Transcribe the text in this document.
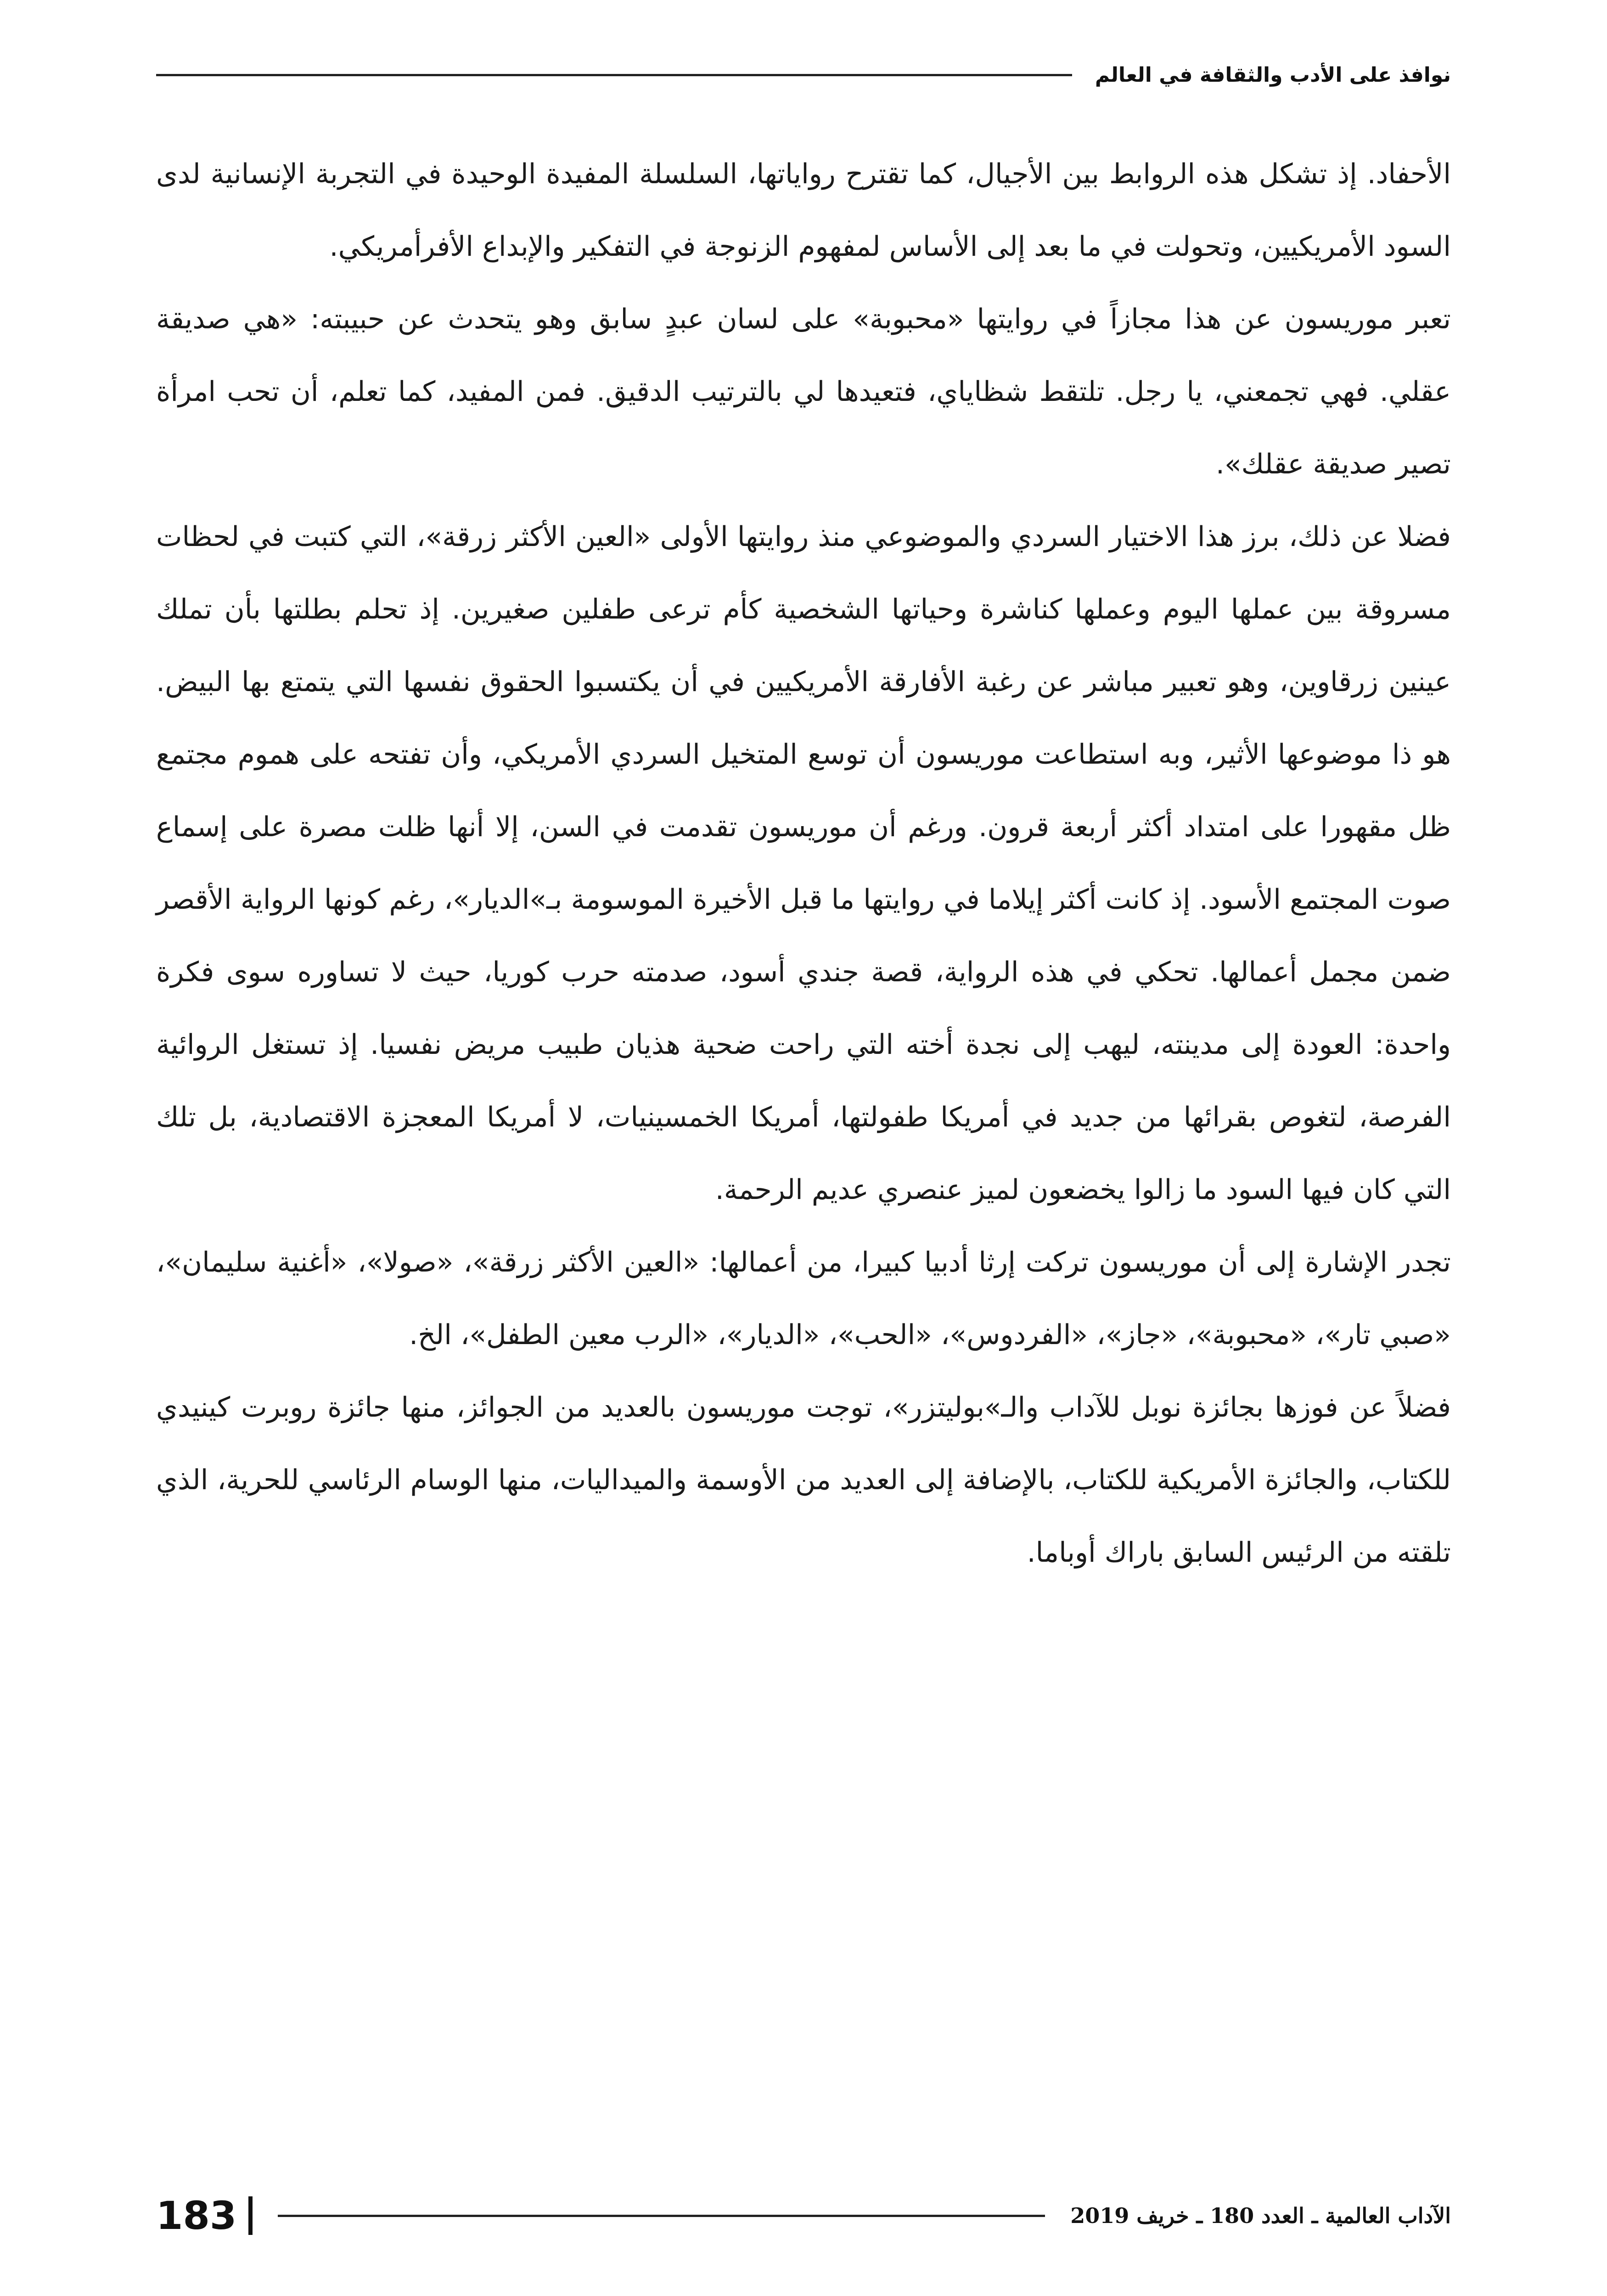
نوافذ على الأدب والثقافة في العالم

الأحفاد. إذ تشكل هذه الروابط بين الأجيال، كما تقترح رواياتها، السلسلة المفيدة الوحيدة في التجربة الإنسانية لدى السود الأمريكيين، وتحولت في ما بعد إلى الأساس لمفهوم الزنوجة في التفكير والإبداع الأفرأمريكي.

تعبر موريسون عن هذا مجازاً في روايتها «محبوبة» على لسان عبدٍ سابق وهو يتحدث عن حبيبته: «هي صديقة عقلي. فهي تجمعني، يا رجل. تلتقط شظاياي، فتعيدها لي بالترتيب الدقيق. فمن المفيد، كما تعلم، أن تحب امرأة تصير صديقة عقلك».

فضلا عن ذلك، برز هذا الاختيار السردي والموضوعي منذ روايتها الأولى «العين الأكثر زرقة»، التي كتبت في لحظات مسروقة بين عملها اليوم وعملها كناشرة وحياتها الشخصية كأم ترعى طفلين صغيرين. إذ تحلم بطلتها بأن تملك عينين زرقاوين، وهو تعبير مباشر عن رغبة الأفارقة الأمريكيين في أن يكتسبوا الحقوق نفسها التي يتمتع بها البيض. هو ذا موضوعها الأثير، وبه استطاعت موريسون أن توسع المتخيل السردي الأمريكي، وأن تفتحه على هموم مجتمع ظل مقهورا على امتداد أكثر أربعة قرون. ورغم أن موريسون تقدمت في السن، إلا أنها ظلت مصرة على إسماع صوت المجتمع الأسود. إذ كانت أكثر إيلاما في روايتها ما قبل الأخيرة الموسومة بـ»الديار»، رغم كونها الرواية الأقصر ضمن مجمل أعمالها. تحكي في هذه الرواية، قصة جندي أسود، صدمته حرب كوريا، حيث لا تساوره سوى فكرة واحدة: العودة إلى مدينته، ليهب إلى نجدة أخته التي راحت ضحية هذيان طبيب مريض نفسيا. إذ تستغل الروائية الفرصة، لتغوص بقرائها من جديد في أمريكا طفولتها، أمريكا الخمسينيات، لا أمريكا المعجزة الاقتصادية، بل تلك التي كان فيها السود ما زالوا يخضعون لميز عنصري عديم الرحمة.

تجدر الإشارة إلى أن موريسون تركت إرثا أدبيا كبيرا، من أعمالها: «العين الأكثر زرقة»، «صولا»، «أغنية سليمان»، «صبي تار»، «محبوبة»، «جاز»، «الفردوس»، «الحب»، «الديار»، «الرب معين الطفل»، الخ.

فضلاً عن فوزها بجائزة نوبل للآداب والـ»بوليتزر»، توجت موريسون بالعديد من الجوائز، منها جائزة روبرت كينيدي للكتاب، والجائزة الأمريكية للكتاب، بالإضافة إلى العديد من الأوسمة والميداليات، منها الوسام الرئاسي للحرية، الذي تلقته من الرئيس السابق باراك أوباما.

الآداب العالمية ـ العدد 180 ـ خريف 2019
183
